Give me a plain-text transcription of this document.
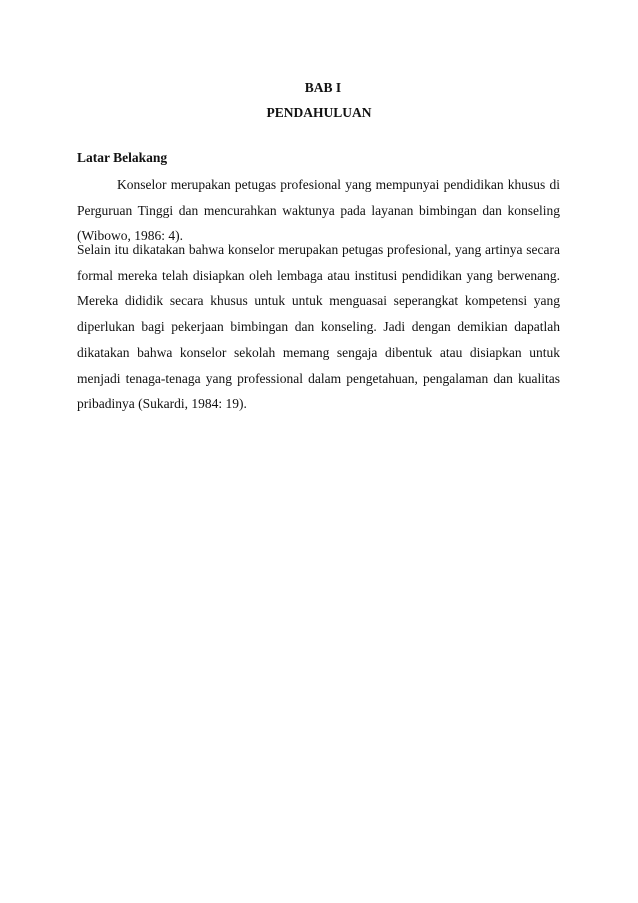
BAB I
PENDAHULUAN
Latar Belakang

Konselor merupakan petugas profesional yang mempunyai pendidikan khusus di Perguruan Tinggi dan mencurahkan waktunya pada layanan bimbingan dan konseling (Wibowo, 1986: 4).

Selain itu dikatakan bahwa konselor merupakan petugas profesional, yang artinya secara formal mereka telah disiapkan oleh lembaga atau institusi pendidikan yang berwenang. Mereka dididik secara khusus untuk untuk menguasai seperangkat kompetensi yang diperlukan bagi pekerjaan bimbingan dan konseling. Jadi dengan demikian dapatlah dikatakan bahwa konselor sekolah memang sengaja dibentuk atau disiapkan untuk menjadi tenaga-tenaga yang professional dalam pengetahuan, pengalaman dan kualitas pribadinya (Sukardi, 1984: 19).
